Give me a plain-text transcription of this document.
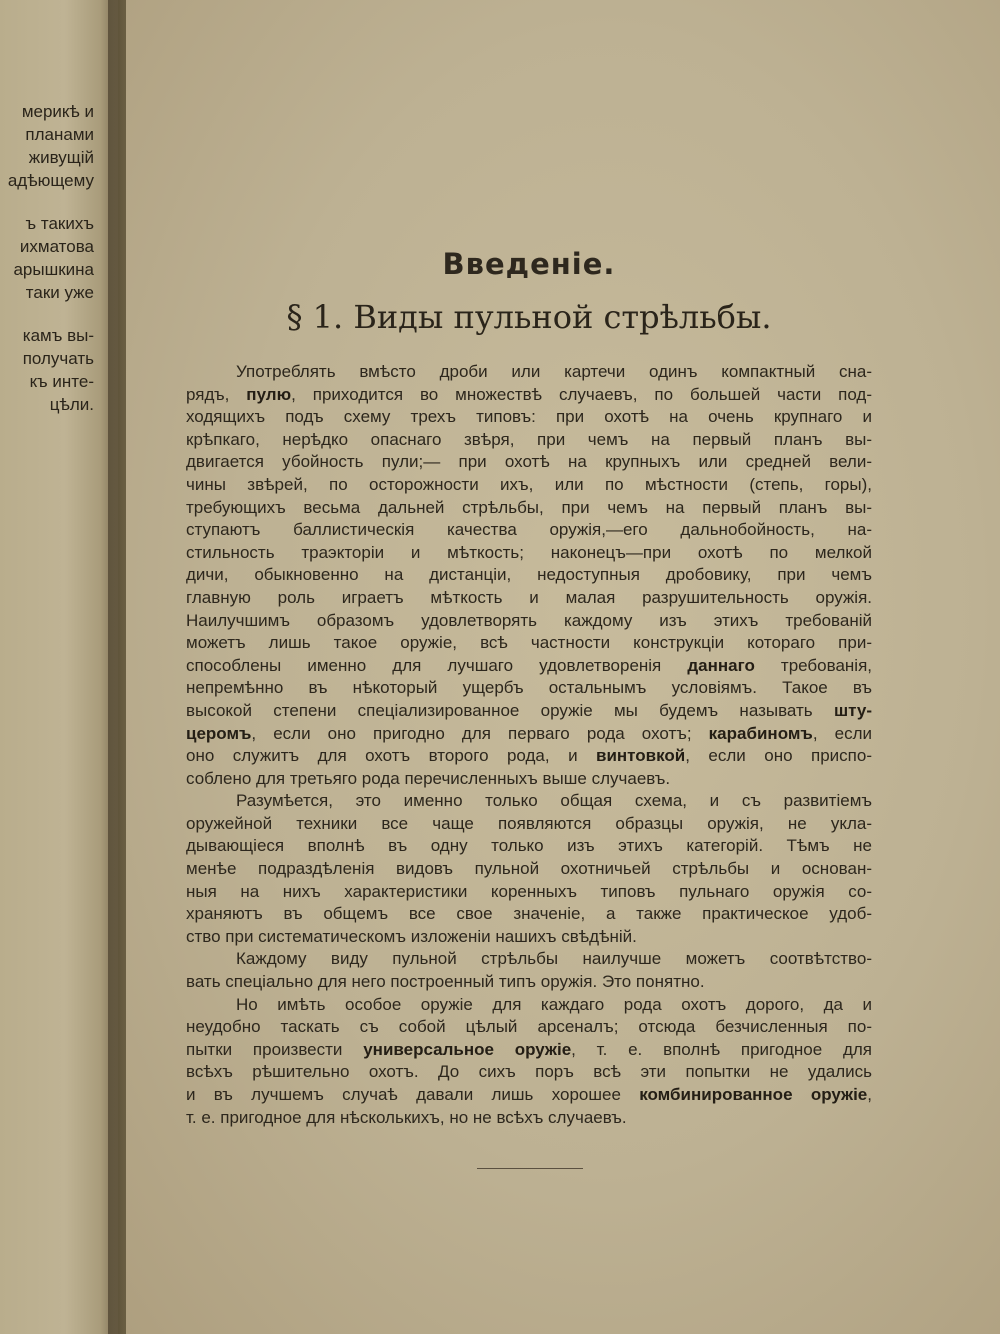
мерикѣ и
планами
живущій
адѣющему
ъ такихъ
ихматова
арышкина
таки уже
камъ вы-
получать
къ инте-
цѣли.
Введеніе.
§ 1. Виды пульной стрѣльбы.

Употреблять вмѣсто дроби или картечи одинъ компактный сна-
рядъ, пулю, приходится во множествѣ случаевъ, по большей части под-
ходящихъ подъ схему трехъ типовъ: при охотѣ на очень крупнаго и
крѣпкаго, нерѣдко опаснаго звѣря, при чемъ на первый планъ вы-
двигается убойность пули;— при охотѣ на крупныхъ или средней вели-
чины звѣрей, по осторожности ихъ, или по мѣстности (степь, горы),
требующихъ весьма дальней стрѣльбы, при чемъ на первый планъ вы-
ступаютъ баллистическія качества оружія,—его дальнобойность, на-
стильность траэкторіи и мѣткость; наконецъ—при охотѣ по мелкой
дичи, обыкновенно на дистанціи, недоступныя дробовику, при чемъ
главную роль играетъ мѣткость и малая разрушительность оружія.
Наилучшимъ образомъ удовлетворять каждому изъ этихъ требованій
можетъ лишь такое оружіе, всѣ частности конструкціи котораго при-
способлены именно для лучшаго удовлетворенія даннаго требованія,
непремѣнно въ нѣкоторый ущербъ остальнымъ условіямъ. Такое въ
высокой степени спеціализированное оружіе мы будемъ называть шту-
церомъ, если оно пригодно для перваго рода охотъ; карабиномъ, если
оно служитъ для охотъ второго рода, и винтовкой, если оно приспо-
соблено для третьяго рода перечисленныхъ выше случаевъ.

Разумѣется, это именно только общая схема, и съ развитіемъ
оружейной техники все чаще появляются образцы оружія, не укла-
дывающіеся вполнѣ въ одну только изъ этихъ категорій. Тѣмъ не
менѣе подраздѣленія видовъ пульной охотничьей стрѣльбы и основан-
ныя на нихъ характеристики коренныхъ типовъ пульнаго оружія со-
храняютъ въ общемъ все свое значеніе, а также практическое удоб-
ство при систематическомъ изложеніи нашихъ свѣдѣній.

Каждому виду пульной стрѣльбы наилучше можетъ соотвѣтство-
вать спеціально для него построенный типъ оружія. Это понятно.

Но имѣть особое оружіе для каждаго рода охотъ дорого, да и
неудобно таскать съ собой цѣлый арсеналъ; отсюда безчисленныя по-
пытки произвести универсальное оружіе, т. е. вполнѣ пригодное для
всѣхъ рѣшительно охотъ. До сихъ поръ всѣ эти попытки не удались
и въ лучшемъ случаѣ давали лишь хорошее комбинированное оружіе,
т. е. пригодное для нѣсколькихъ, но не всѣхъ случаевъ.
